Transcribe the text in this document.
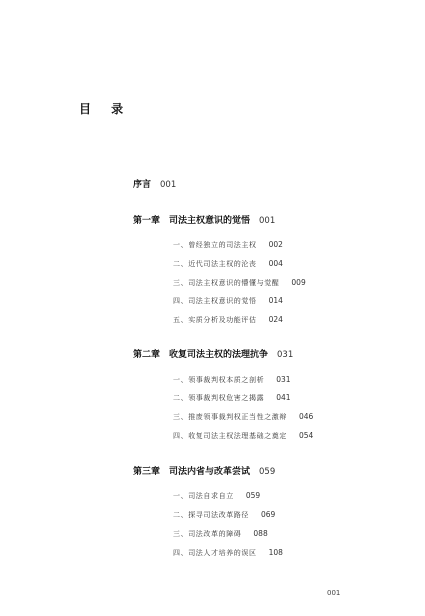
目 录
序言 001
第一章　司法主权意识的觉悟 001
一、曾经独立的司法主权 002
二、近代司法主权的沦丧 004
三、司法主权意识的懵懂与觉醒 009
四、司法主权意识的觉悟 014
五、实质分析及功能评估 024
第二章　收复司法主权的法理抗争 031
一、领事裁判权本质之剖析 031
二、领事裁判权危害之揭露 041
三、推废领事裁判权正当性之激辩 046
四、收复司法主权法理基础之奠定 054
第三章　司法内省与改革尝试 059
一、司法自求自立 059
二、探寻司法改革路径 069
三、司法改革的障碍 088
四、司法人才培养的误区 108
001
